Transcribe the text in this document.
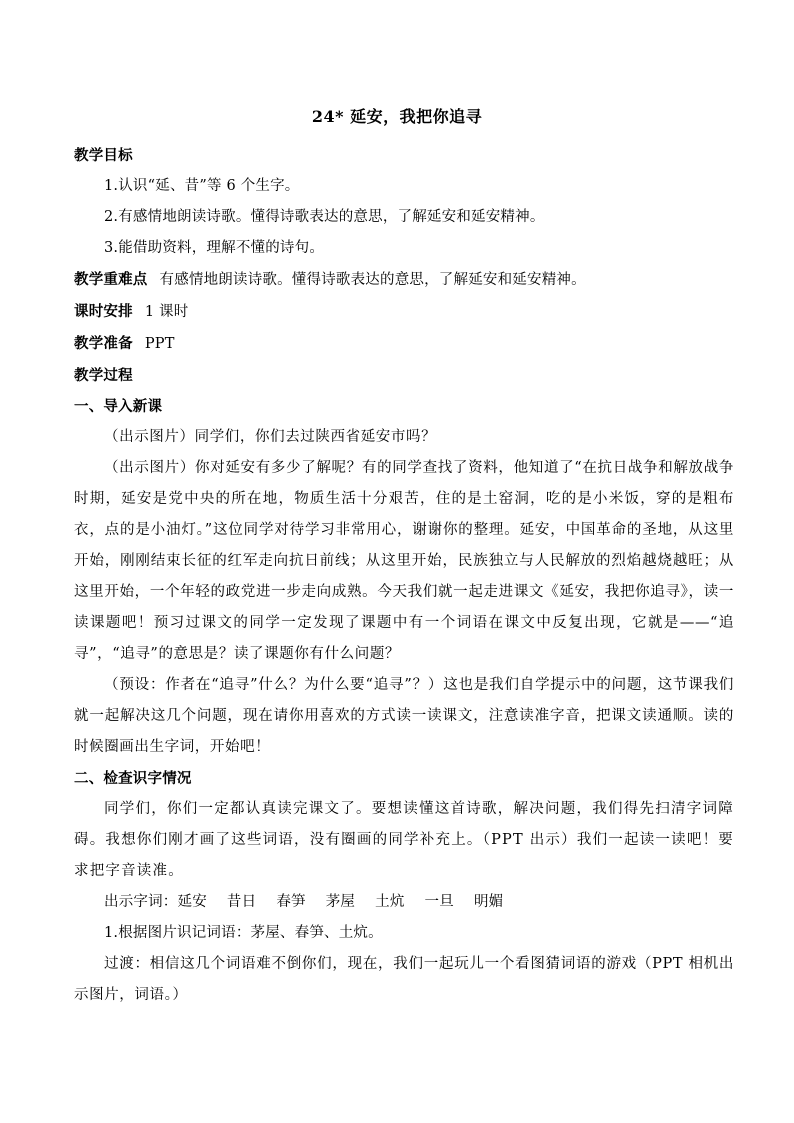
24* 延安，我把你追寻

教学目标

1.认识“延、昔”等 6 个生字。

2.有感情地朗读诗歌。懂得诗歌表达的意思，了解延安和延安精神。

3.能借助资料，理解不懂的诗句。

教学重难点 有感情地朗读诗歌。懂得诗歌表达的意思，了解延安和延安精神。

课时安排 1 课时

教学准备 PPT

教学过程

一、导入新课

（出示图片）同学们，你们去过陕西省延安市吗？

（出示图片）你对延安有多少了解呢？有的同学查找了资料，他知道了“在抗日战争和解放战争时期，延安是党中央的所在地，物质生活十分艰苦，住的是土窑洞，吃的是小米饭，穿的是粗布衣，点的是小油灯。”这位同学对待学习非常用心，谢谢你的整理。延安，中国革命的圣地，从这里开始，刚刚结束长征的红军走向抗日前线；从这里开始，民族独立与人民解放的烈焰越烧越旺；从这里开始，一个年轻的政党进一步走向成熟。今天我们就一起走进课文《延安，我把你追寻》，读一读课题吧！预习过课文的同学一定发现了课题中有一个词语在课文中反复出现，它就是——“追寻”，“追寻”的意思是？读了课题你有什么问题？

（预设：作者在“追寻”什么？为什么要“追寻”？）这也是我们自学提示中的问题，这节课我们就一起解决这几个问题，现在请你用喜欢的方式读一读课文，注意读准字音，把课文读通顺。读的时候圈画出生字词，开始吧！

二、检查识字情况

同学们，你们一定都认真读完课文了。要想读懂这首诗歌，解决问题，我们得先扫清字词障碍。我想你们刚才画了这些词语，没有圈画的同学补充上。（PPT 出示）我们一起读一读吧！要求把字音读准。

出示字词：延安 昔日 春笋 茅屋 土炕 一旦 明媚

1.根据图片识记词语：茅屋、春笋、土炕。

过渡：相信这几个词语难不倒你们，现在，我们一起玩儿一个看图猜词语的游戏（PPT 相机出示图片，词语。）
